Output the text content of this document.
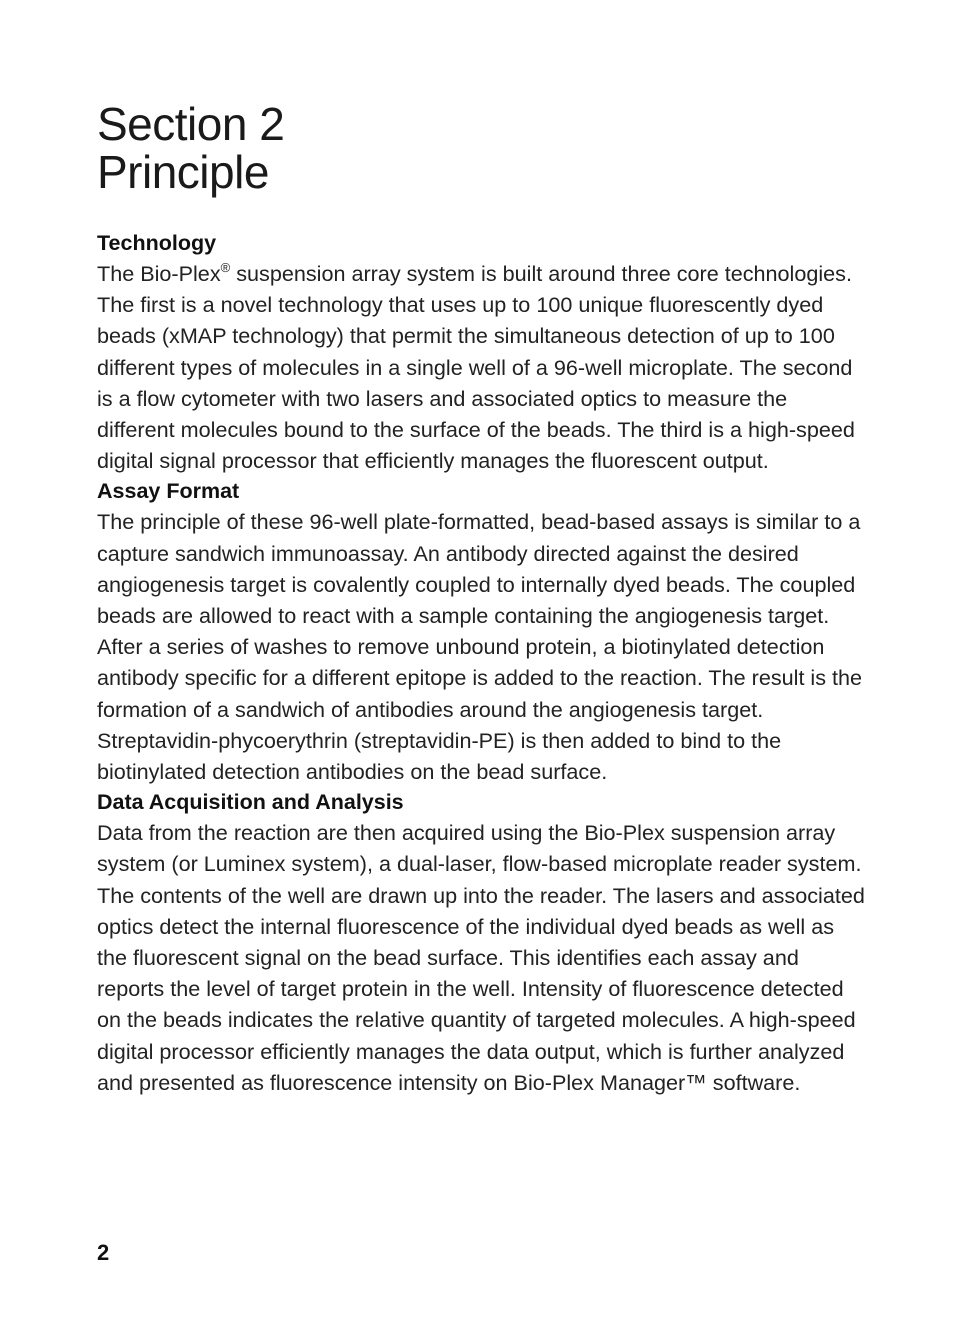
Section 2
Principle
Technology

The Bio-Plex® suspension array system is built around three core technologies. The first is a novel technology that uses up to 100 unique fluorescently dyed beads (xMAP technology) that permit the simultaneous detection of up to 100 different types of molecules in a single well of a 96-well microplate. The second is a flow cytometer with two lasers and associated optics to measure the different molecules bound to the surface of the beads. The third is a high-speed digital signal processor that efficiently manages the fluorescent output.

Assay Format

The principle of these 96-well plate-formatted, bead-based assays is similar to a capture sandwich immunoassay. An antibody directed against the desired angiogenesis target is covalently coupled to internally dyed beads. The coupled beads are allowed to react with a sample containing the angiogenesis target. After a series of washes to remove unbound protein, a biotinylated detection antibody specific for a different epitope is added to the reaction. The result is the formation of a sandwich of antibodies around the angiogenesis target. Streptavidin-phycoerythrin (streptavidin-PE) is then added to bind to the biotinylated detection antibodies on the bead surface.

Data Acquisition and Analysis

Data from the reaction are then acquired using the Bio-Plex suspension array system (or Luminex system), a dual-laser, flow-based microplate reader system. The contents of the well are drawn up into the reader. The lasers and associated optics detect the internal fluorescence of the individual dyed beads as well as the fluorescent signal on the bead surface. This identifies each assay and reports the level of target protein in the well. Intensity of fluorescence detected on the beads indicates the relative quantity of targeted molecules. A high-speed digital processor efficiently manages the data output, which is further analyzed and presented as fluorescence intensity on Bio-Plex Manager™ software.

2
